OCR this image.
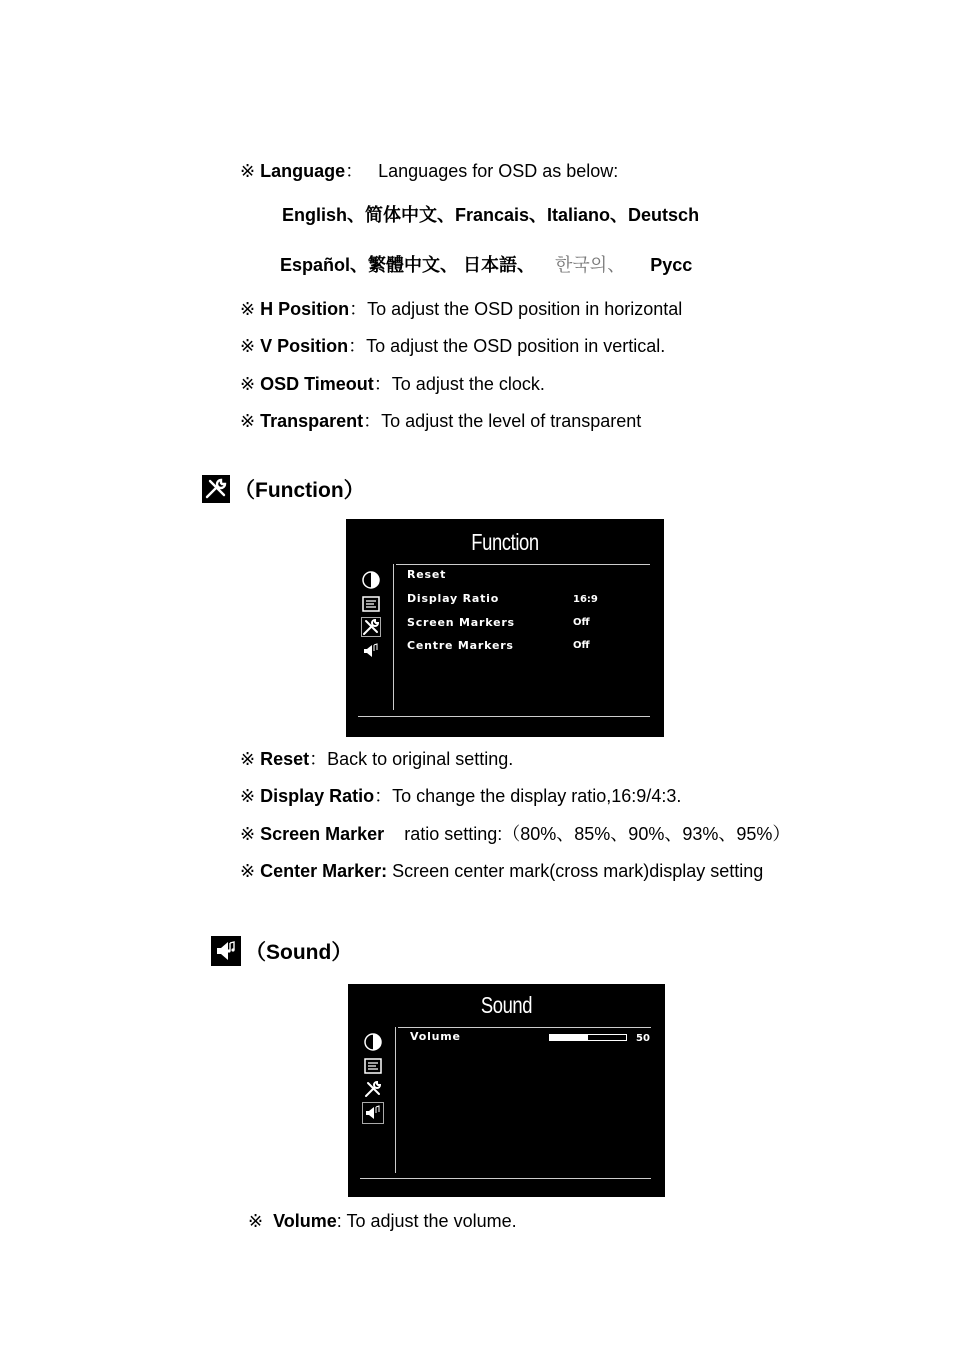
※ Language： Languages for OSD as below:
English、简体中文、Francais、Italiano、Deutsch
Español、繁體中文、 日本語、 한국의、 Pycc
※ H Position：To adjust the OSD position in horizontal
※ V Position：To adjust the OSD position in vertical.
※ OSD Timeout：To adjust the clock.
※ Transparent：To adjust the level of transparent
（Function）
Function
Reset
Display Ratio	16:9
Screen Markers	Off
Centre Markers	Off
※ Reset：Back to original setting.
※ Display Ratio：To change the display ratio,16:9/4:3.
※ Screen Marker ratio setting:（80%、85%、90%、93%、95%）
※ Center Marker: Screen center mark(cross mark)display setting
（Sound）
Sound
Volume	50
※ Volume: To adjust the volume.
